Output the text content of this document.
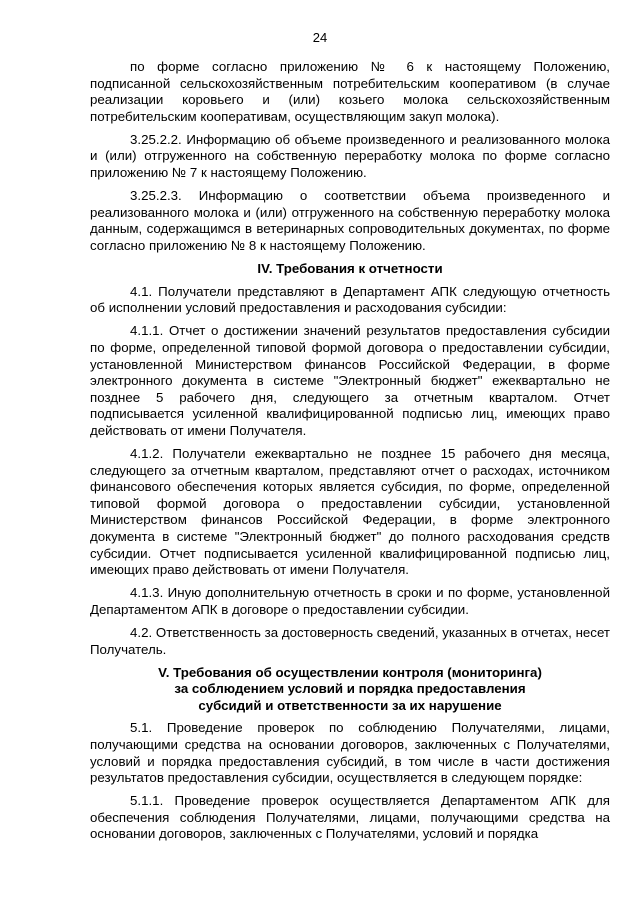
24

по форме согласно приложению № 6 к настоящему Положению, подписанной сельскохозяйственным потребительским кооперативом (в случае реализации коровьего и (или) козьего молока сельскохозяйственным потребительским кооперативам, осуществляющим закуп молока).

3.25.2.2. Информацию об объеме произведенного и реализованного молока и (или) отгруженного на собственную переработку молока по форме согласно приложению № 7 к настоящему Положению.

3.25.2.3. Информацию о соответствии объема произведенного и реализованного молока и (или) отгруженного на собственную переработку молока данным, содержащимся в ветеринарных сопроводительных документах, по форме согласно приложению № 8 к настоящему Положению.

IV. Требования к отчетности

4.1. Получатели представляют в Департамент АПК следующую отчетность об исполнении условий предоставления и расходования субсидии:

4.1.1. Отчет о достижении значений результатов предоставления субсидии по форме, определенной типовой формой договора о предоставлении субсидии, установленной Министерством финансов Российской Федерации, в форме электронного документа в системе "Электронный бюджет" ежеквартально не позднее 5 рабочего дня, следующего за отчетным кварталом. Отчет подписывается усиленной квалифицированной подписью лиц, имеющих право действовать от имени Получателя.

4.1.2. Получатели ежеквартально не позднее 15 рабочего дня месяца, следующего за отчетным кварталом, представляют отчет о расходах, источником финансового обеспечения которых является субсидия, по форме, определенной типовой формой договора о предоставлении субсидии, установленной Министерством финансов Российской Федерации, в форме электронного документа в системе "Электронный бюджет" до полного расходования средств субсидии. Отчет подписывается усиленной квалифицированной подписью лиц, имеющих право действовать от имени Получателя.

4.1.3. Иную дополнительную отчетность в сроки и по форме, установленной Департаментом АПК в договоре о предоставлении субсидии.

4.2. Ответственность за достоверность сведений, указанных в отчетах, несет Получатель.

V. Требования об осуществлении контроля (мониторинга)
за соблюдением условий и порядка предоставления
субсидий и ответственности за их нарушение

5.1. Проведение проверок по соблюдению Получателями, лицами, получающими средства на основании договоров, заключенных с Получателями, условий и порядка предоставления субсидий, в том числе в части достижения результатов предоставления субсидии, осуществляется в следующем порядке:

5.1.1. Проведение проверок осуществляется Департаментом АПК для обеспечения соблюдения Получателями, лицами, получающими средства на основании договоров, заключенных с Получателями, условий и порядка
